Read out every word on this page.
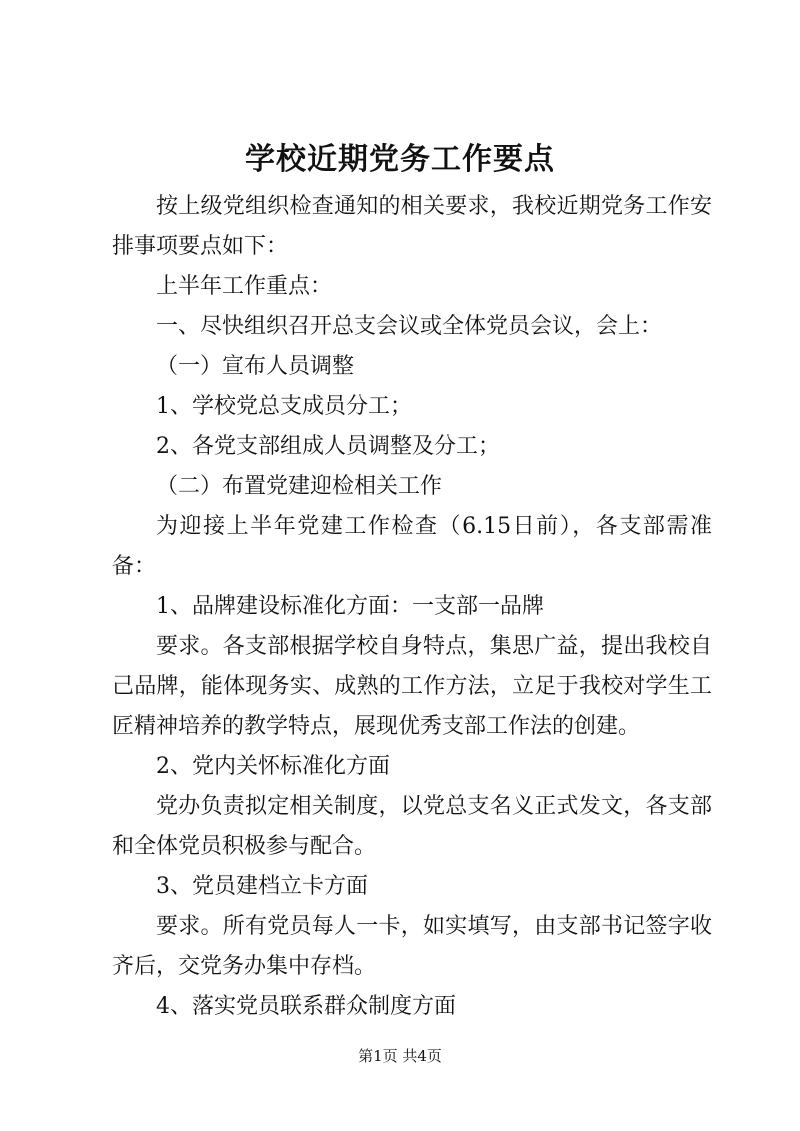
学校近期党务工作要点

按上级党组织检查通知的相关要求，我校近期党务工作安排事项要点如下：

上半年工作重点：

一、尽快组织召开总支会议或全体党员会议，会上：

（一）宣布人员调整

1、学校党总支成员分工；

2、各党支部组成人员调整及分工；

（二）布置党建迎检相关工作

为迎接上半年党建工作检查（6.15日前），各支部需准备：

1、品牌建设标准化方面：一支部一品牌

要求。各支部根据学校自身特点，集思广益，提出我校自己品牌，能体现务实、成熟的工作方法，立足于我校对学生工匠精神培养的教学特点，展现优秀支部工作法的创建。

2、党内关怀标准化方面

党办负责拟定相关制度，以党总支名义正式发文，各支部和全体党员积极参与配合。

3、党员建档立卡方面

要求。所有党员每人一卡，如实填写，由支部书记签字收齐后，交党务办集中存档。

4、落实党员联系群众制度方面

第1页 共4页
